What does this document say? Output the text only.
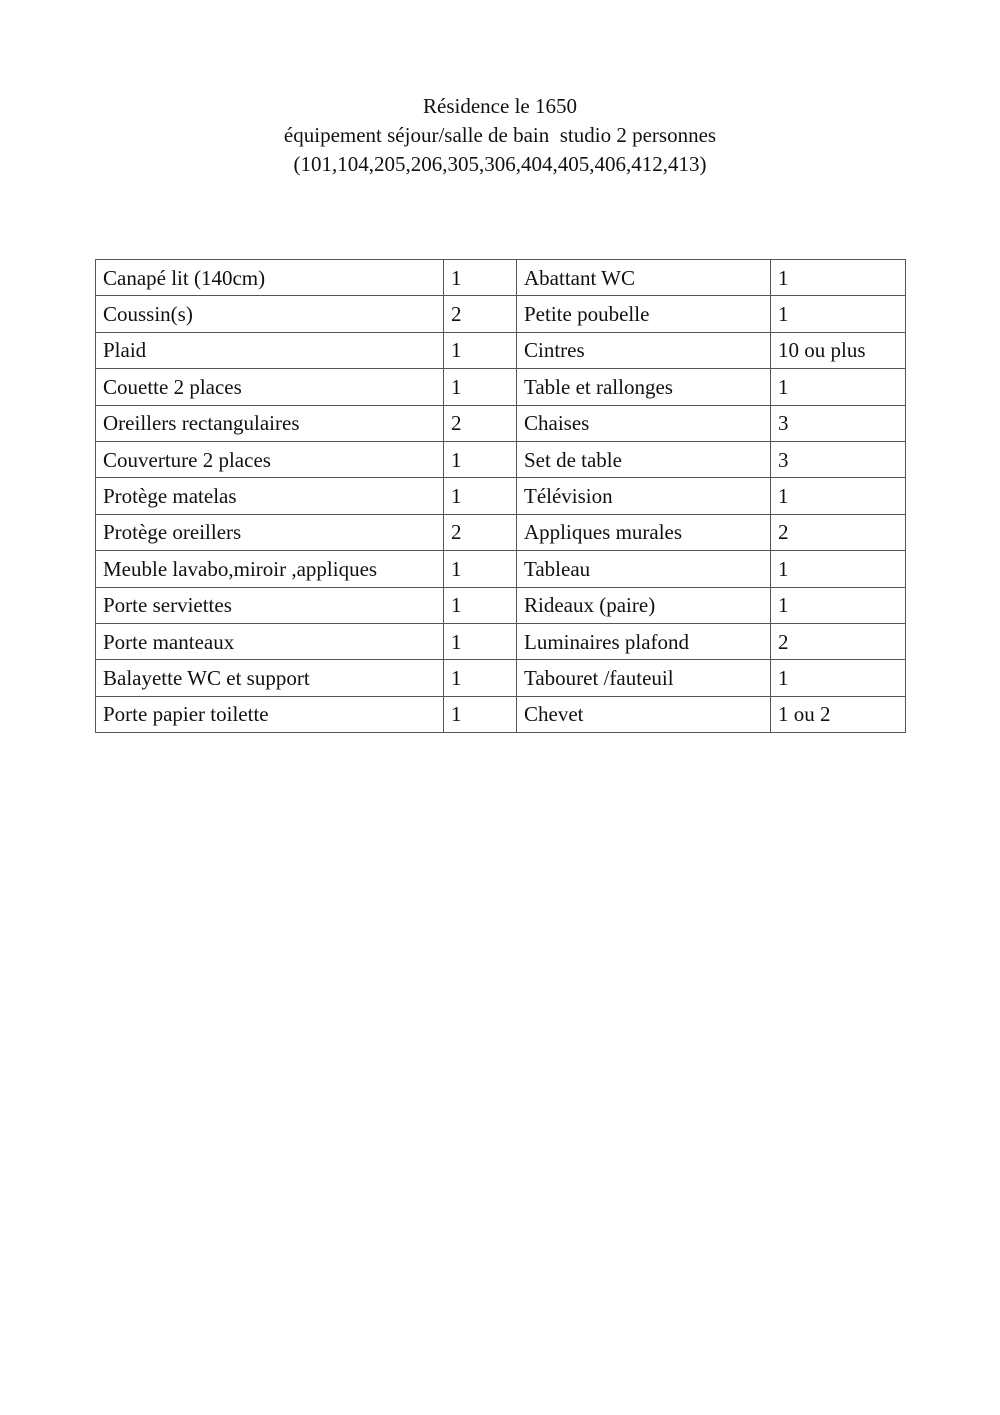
Résidence le 1650
équipement séjour/salle de bain  studio 2 personnes
(101,104,205,206,305,306,404,405,406,412,413)
Canapé lit (140cm)	1	Abattant WC	1
Coussin(s)	2	Petite poubelle	1
Plaid	1	Cintres	10 ou plus
Couette 2 places	1	Table et rallonges	1
Oreillers rectangulaires	2	Chaises	3
Couverture 2 places	1	Set de table	3
Protège matelas	1	Télévision	1
Protège oreillers	2	Appliques murales	2
Meuble lavabo,miroir ,appliques	1	Tableau	1
Porte serviettes	1	Rideaux (paire)	1
Porte manteaux	1	Luminaires plafond	2
Balayette WC et support	1	Tabouret /fauteuil	1
Porte papier toilette	1	Chevet	1 ou 2
